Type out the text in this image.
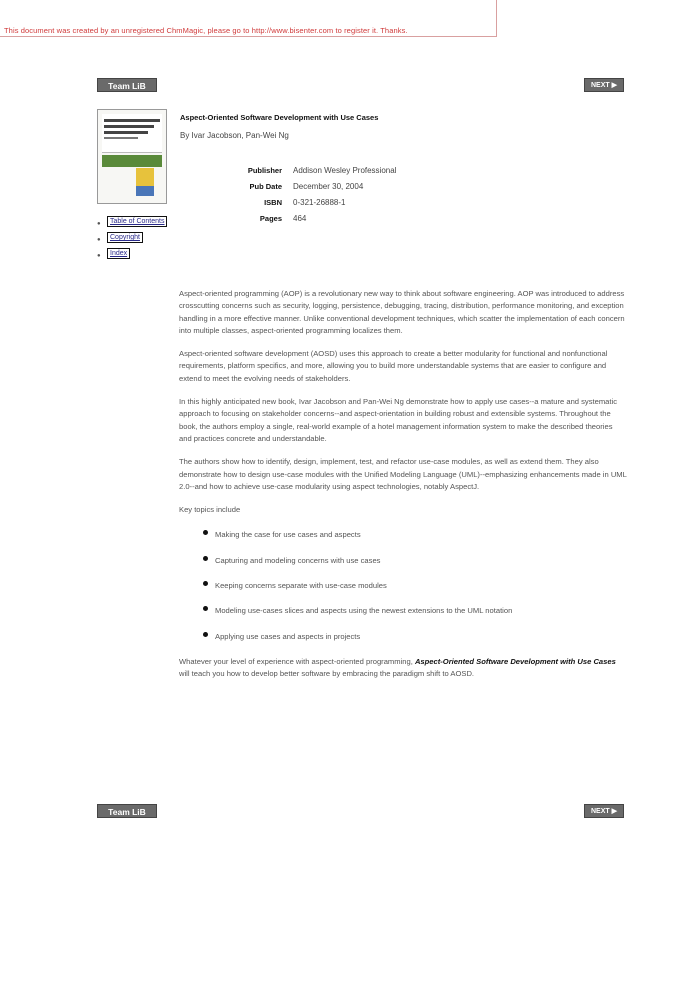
This document was created by an unregistered ChmMagic, please go to http://www.bisenter.com to register it. Thanks.
Team LiB	NEXT ▶
●	Table of Contents
●	Copyright
●	Index
Aspect-Oriented Software Development with Use Cases
By Ivar Jacobson, Pan-Wei Ng
Publisher Addison Wesley Professional
Pub Date December 30, 2004
ISBN 0-321-26888-1
Pages 464

Aspect-oriented programming (AOP) is a revolutionary new way to think about software engineering. AOP was introduced to address crosscutting concerns such as security, logging, persistence, debugging, tracing, distribution, performance monitoring, and exception handling in a more effective manner. Unlike conventional development techniques, which scatter the implementation of each concern into multiple classes, aspect-oriented programming localizes them.

Aspect-oriented software development (AOSD) uses this approach to create a better modularity for functional and nonfunctional requirements, platform specifics, and more, allowing you to build more understandable systems that are easier to configure and extend to meet the evolving needs of stakeholders.

In this highly anticipated new book, Ivar Jacobson and Pan-Wei Ng demonstrate how to apply use cases--a mature and systematic approach to focusing on stakeholder concerns--and aspect-orientation in building robust and extensible systems. Throughout the book, the authors employ a single, real-world example of a hotel management information system to make the described theories and practices concrete and understandable.

The authors show how to identify, design, implement, test, and refactor use-case modules, as well as extend them. They also demonstrate how to design use-case modules with the Unified Modeling Language (UML)--emphasizing enhancements made in UML 2.0--and how to achieve use-case modularity using aspect technologies, notably AspectJ.

Key topics include

Making the case for use cases and aspects
Capturing and modeling concerns with use cases
Keeping concerns separate with use-case modules
Modeling use-cases slices and aspects using the newest extensions to the UML notation
Applying use cases and aspects in projects

Whatever your level of experience with aspect-oriented programming, Aspect-Oriented Software Development with Use Cases will teach you how to develop better software by embracing the paradigm shift to AOSD.

Team LiB	NEXT ▶
